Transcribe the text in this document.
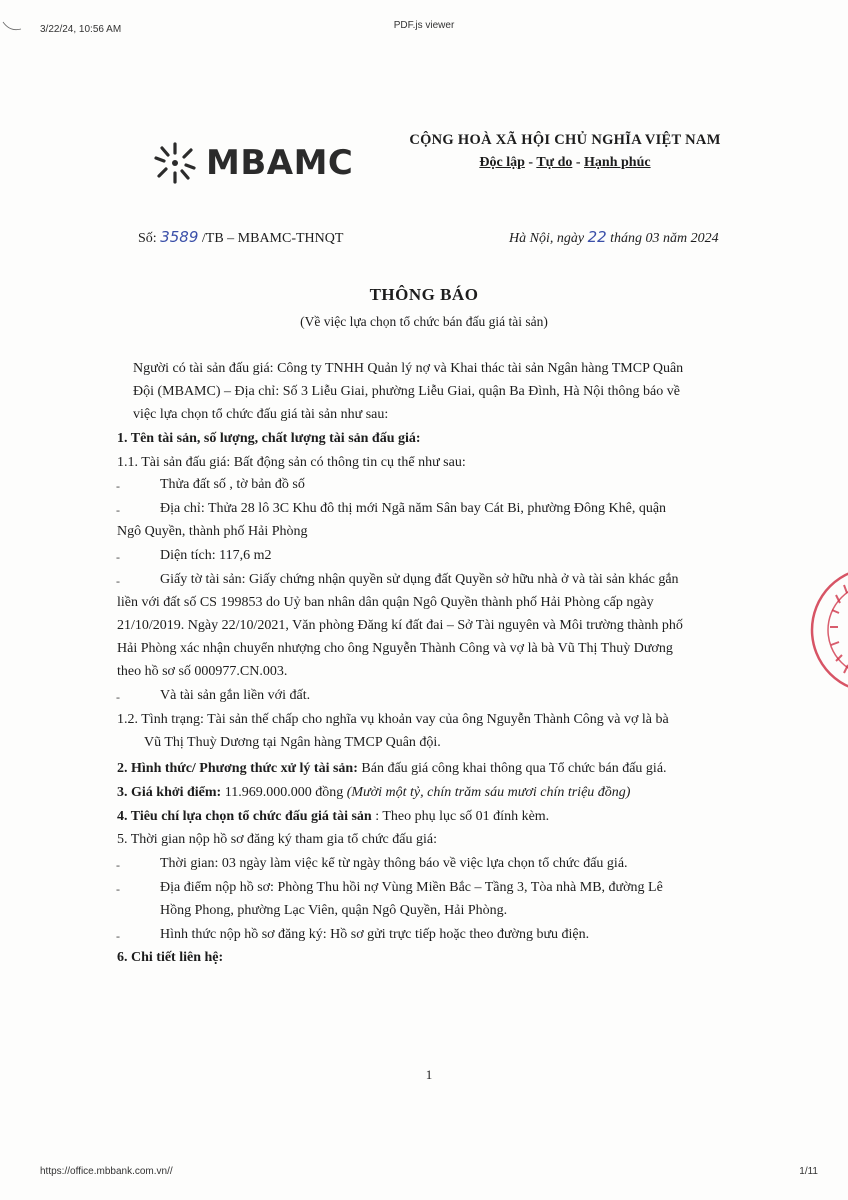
3/22/24, 10:56 AM	PDF.js viewer
https://office.mbbank.com.vn//	1/11
MBAMC
CỘNG HOÀ XÃ HỘI CHỦ NGHĨA VIỆT NAM
Độc lập - Tự do - Hạnh phúc
Số: 3589 /TB – MBAMC-THNQT	Hà Nội, ngày 22 tháng 03 năm 2024
THÔNG BÁO
(Về việc lựa chọn tổ chức bán đấu giá tài sản)
Người có tài sản đấu giá: Công ty TNHH Quản lý nợ và Khai thác tài sản Ngân hàng TMCP Quân
Đội (MBAMC) – Địa chỉ: Số 3 Liễu Giai, phường Liễu Giai, quận Ba Đình, Hà Nội thông báo về
việc lựa chọn tổ chức đấu giá tài sản như sau:
1. Tên tài sản, số lượng, chất lượng tài sản đấu giá:
1.1. Tài sản đấu giá: Bất động sản có thông tin cụ thể như sau:
-	Thửa đất số , tờ bản đồ số
-	Địa chỉ: Thửa 28 lô 3C Khu đô thị mới Ngã năm Sân bay Cát Bi, phường Đông Khê, quận
Ngô Quyền, thành phố Hải Phòng
-	Diện tích: 117,6 m2
-	Giấy tờ tài sản: Giấy chứng nhận quyền sử dụng đất Quyền sở hữu nhà ở và tài sản khác gắn
liền với đất số CS 199853 do Uỷ ban nhân dân quận Ngô Quyền thành phố Hải Phòng cấp ngày
21/10/2019. Ngày 22/10/2021, Văn phòng Đăng kí đất đai – Sở Tài nguyên và Môi trường thành phố
Hải Phòng xác nhận chuyển nhượng cho ông Nguyễn Thành Công và vợ là bà Vũ Thị Thuỳ Dương
theo hồ sơ số 000977.CN.003.
-	Và tài sản gắn liền với đất.
1.2. Tình trạng: Tài sản thế chấp cho nghĩa vụ khoản vay của ông Nguyễn Thành Công và vợ là bà
Vũ Thị Thuỳ Dương tại Ngân hàng TMCP Quân đội.
2. Hình thức/ Phương thức xử lý tài sản: Bán đấu giá công khai thông qua Tổ chức bán đấu giá.
3. Giá khởi điểm: 11.969.000.000 đồng (Mười một tỷ, chín trăm sáu mươi chín triệu đồng)
4. Tiêu chí lựa chọn tổ chức đấu giá tài sản : Theo phụ lục số 01 đính kèm.
5. Thời gian nộp hồ sơ đăng ký tham gia tổ chức đấu giá:
-	Thời gian: 03 ngày làm việc kể từ ngày thông báo về việc lựa chọn tổ chức đấu giá.
-	Địa điểm nộp hồ sơ: Phòng Thu hồi nợ Vùng Miền Bắc – Tầng 3, Tòa nhà MB, đường Lê
Hồng Phong, phường Lạc Viên, quận Ngô Quyền, Hải Phòng.
-	Hình thức nộp hồ sơ đăng ký: Hồ sơ gửi trực tiếp hoặc theo đường bưu điện.
6. Chi tiết liên hệ:
1
